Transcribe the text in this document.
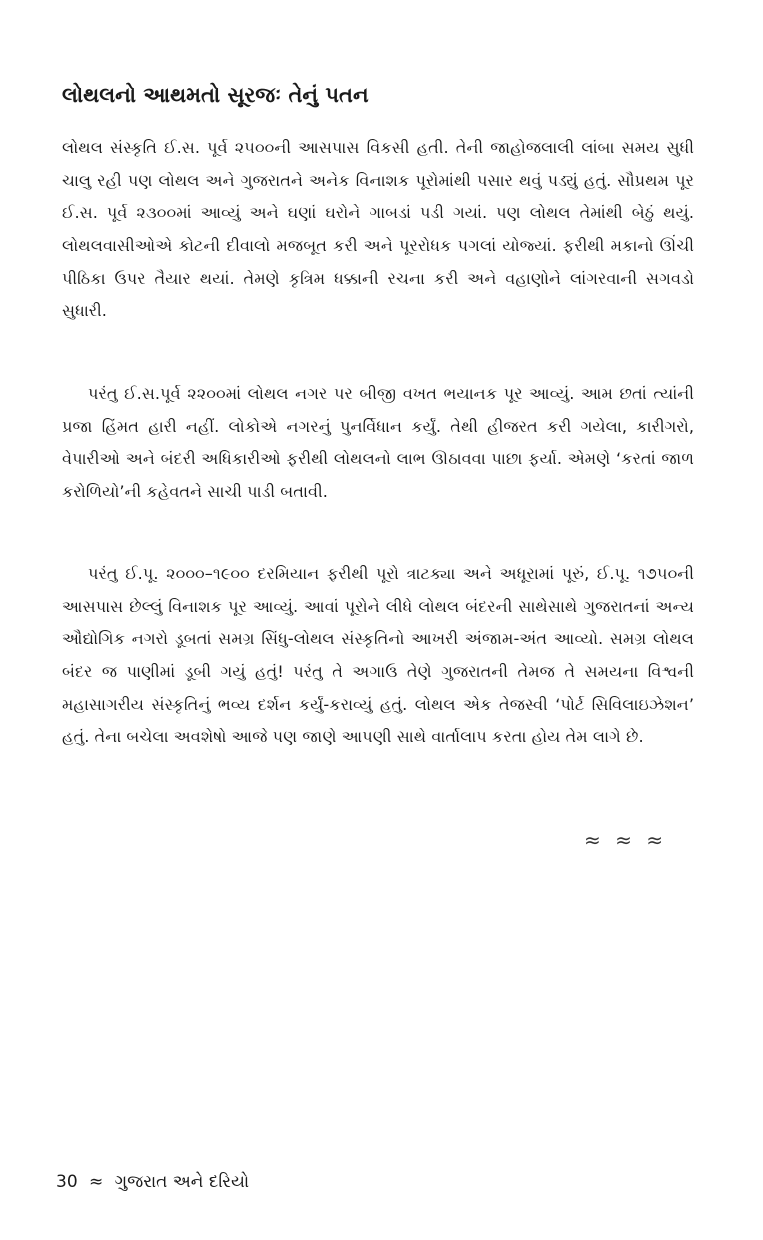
લોથલનો આથમતો સૂરજઃ તેનું પતન

લોથલ સંસ્કૃતિ ઈ.સ. પૂર્વ ૨૫૦૦ની આસપાસ વિકસી હતી. તેની જાહોજલાલી લાંબા સમય સુધી ચાલુ રહી પણ લોથલ અને ગુજરાતને અનેક વિનાશક પૂરોમાંથી પસાર થવું પડ્યું હતું. સૌપ્રથમ પૂર ઈ.સ. પૂર્વ ૨૩૦૦માં આવ્યું અને ઘણાં ઘરોને ગાબડાં પડી ગયાં. પણ લોથલ તેમાંથી બેઠું થયું. લોથલવાસીઓએ કોટની દીવાલો મજબૂત કરી અને પૂરરોધક પગલાં યોજ્યાં. ફરીથી મકાનો ઊંચી પીઠિકા ઉપર તૈયાર થયાં. તેમણે કૃત્રિમ ધક્કાની રચના કરી અને વહાણોને લાંગરવાની સગવડો સુધારી.

પરંતુ ઈ.સ.પૂર્વ ૨૨૦૦માં લોથલ નગર પર બીજી વખત ભયાનક પૂર આવ્યું. આમ છતાં ત્યાંની પ્રજા હિંમત હારી નહીં. લોકોએ નગરનું પુનર્વિધાન કર્યું. તેથી હીજરત કરી ગયેલા, કારીગરો, વેપારીઓ અને બંદરી અધિકારીઓ ફરીથી લોથલનો લાભ ઊઠાવવા પાછા ફર્યા. એમણે ‘કરતાં જાળ કરોળિયો’ની કહેવતને સાચી પાડી બતાવી.

પરંતુ ઈ.પૂ. ૨૦૦૦–૧૯૦૦ દરમિયાન ફરીથી પૂરો ત્રાટક્યા અને અધૂરામાં પૂરું, ઈ.પૂ. ૧૭૫૦ની આસપાસ છેલ્લું વિનાશક પૂર આવ્યું. આવાં પૂરોને લીધે લોથલ બંદરની સાથેસાથે ગુજરાતનાં અન્ય ઔદ્યોગિક નગરો ડૂબતાં સમગ્ર સિંધુ-લોથલ સંસ્કૃતિનો આખરી અંજામ-અંત આવ્યો. સમગ્ર લોથલ બંદર જ પાણીમાં ડૂબી ગયું હતું! પરંતુ તે અગાઉ તેણે ગુજરાતની તેમજ તે સમયના વિશ્વની મહાસાગરીય સંસ્કૃતિનું ભવ્ય દર્શન કર્યું-કરાવ્યું હતું. લોથલ એક તેજસ્વી ‘પોર્ટ સિવિલાઇઝેશન’ હતું. તેના બચેલા અવશેષો આજે પણ જાણે આપણી સાથે વાર્તાલાપ કરતા હોય તેમ લાગે છે.

≈ ≈ ≈
30 ≈ ગુજરાત અને દરિયો
